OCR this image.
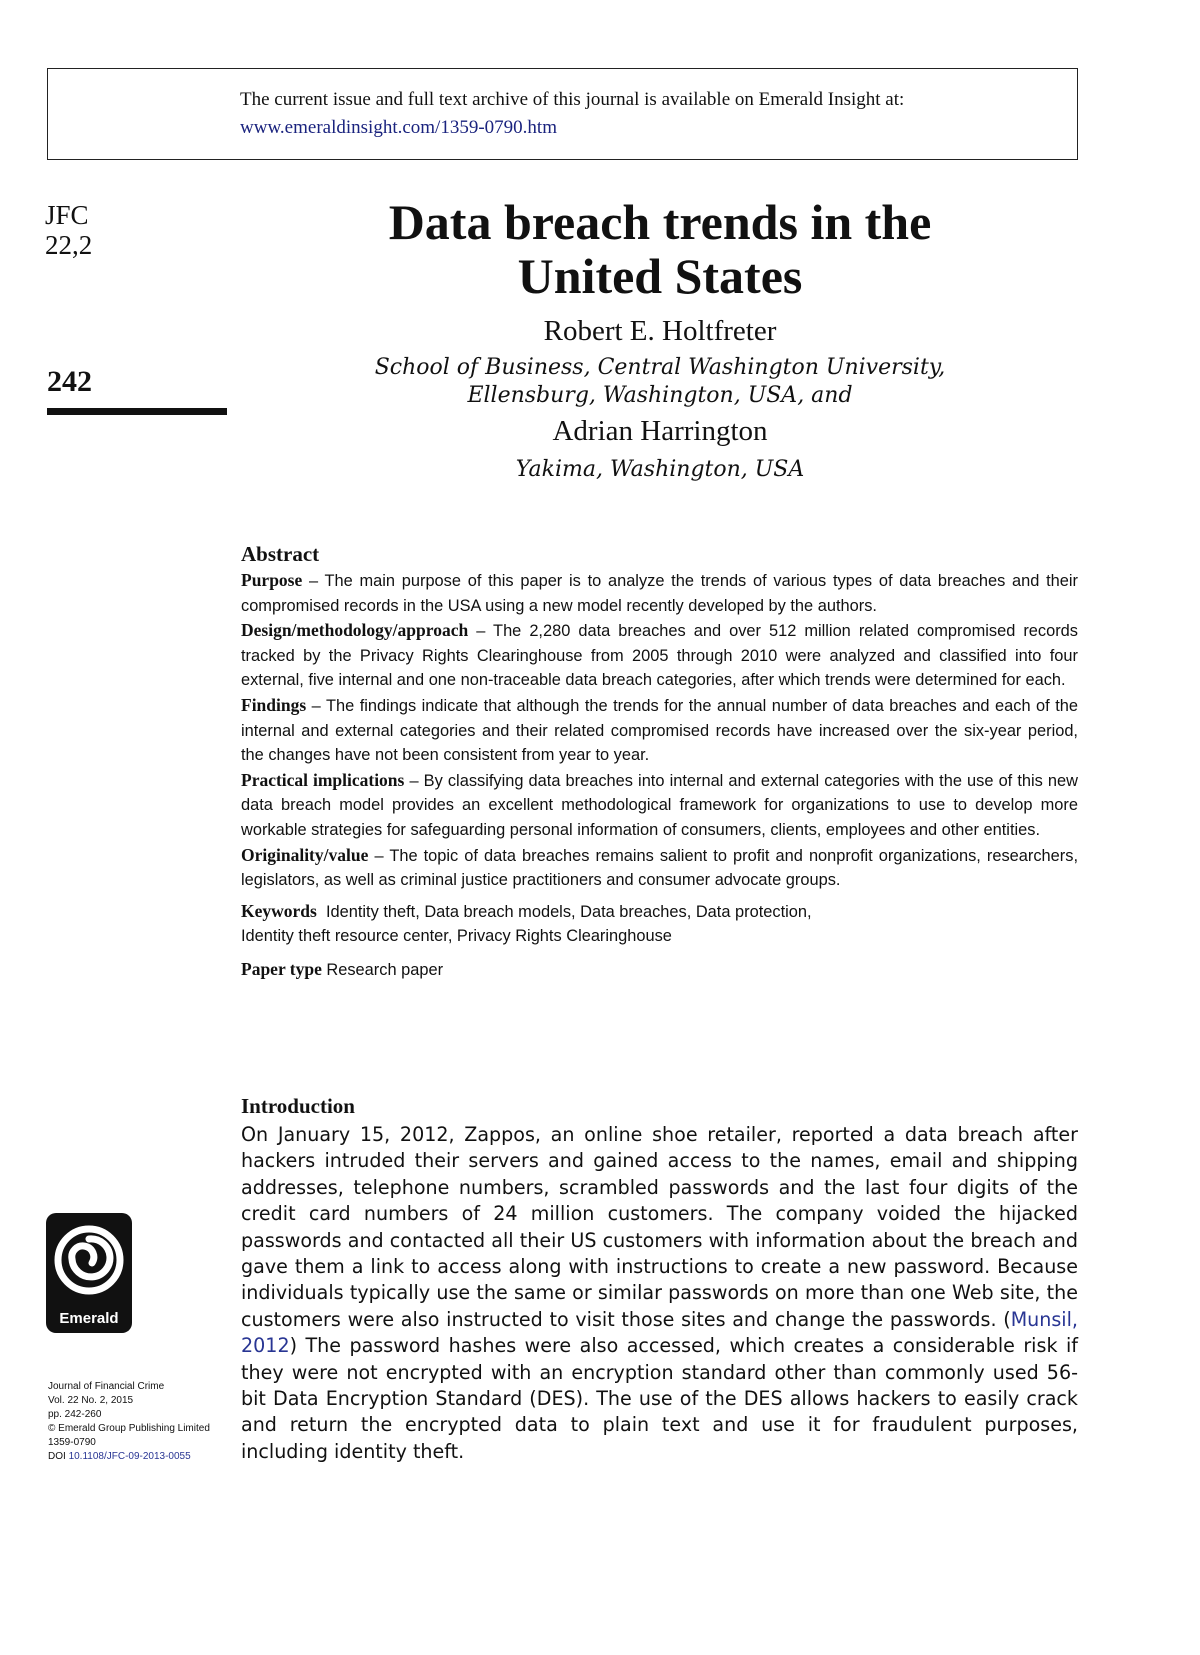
The current issue and full text archive of this journal is available on Emerald Insight at:
www.emeraldinsight.com/1359-0790.htm
JFC
22,2
242
Data breach trends in the
United States
Robert E. Holtfreter
School of Business, Central Washington University,
Ellensburg, Washington, USA, and
Adrian Harrington
Yakima, Washington, USA
Abstract

Purpose – The main purpose of this paper is to analyze the trends of various types of data breaches and their compromised records in the USA using a new model recently developed by the authors.

Design/methodology/approach – The 2,280 data breaches and over 512 million related compromised records tracked by the Privacy Rights Clearinghouse from 2005 through 2010 were analyzed and classified into four external, five internal and one non-traceable data breach categories, after which trends were determined for each.

Findings – The findings indicate that although the trends for the annual number of data breaches and each of the internal and external categories and their related compromised records have increased over the six-year period, the changes have not been consistent from year to year.

Practical implications – By classifying data breaches into internal and external categories with the use of this new data breach model provides an excellent methodological framework for organizations to use to develop more workable strategies for safeguarding personal information of consumers, clients, employees and other entities.

Originality/value – The topic of data breaches remains salient to profit and nonprofit organizations, researchers, legislators, as well as criminal justice practitioners and consumer advocate groups.

Keywords Identity theft, Data breach models, Data breaches, Data protection,
Identity theft resource center, Privacy Rights Clearinghouse

Paper type Research paper

Introduction

On January 15, 2012, Zappos, an online shoe retailer, reported a data breach after hackers intruded their servers and gained access to the names, email and shipping addresses, telephone numbers, scrambled passwords and the last four digits of the credit card numbers of 24 million customers. The company voided the hijacked passwords and contacted all their US customers with information about the breach and gave them a link to access along with instructions to create a new password. Because individuals typically use the same or similar passwords on more than one Web site, the customers were also instructed to visit those sites and change the passwords. (Munsil, 2012) The password hashes were also accessed, which creates a considerable risk if they were not encrypted with an encryption standard other than commonly used 56-bit Data Encryption Standard (DES). The use of the DES allows hackers to easily crack and return the encrypted data to plain text and use it for fraudulent purposes, including identity theft.

Emerald
Journal of Financial Crime
Vol. 22 No. 2, 2015
pp. 242-260
© Emerald Group Publishing Limited
1359-0790
DOI 10.1108/JFC-09-2013-0055
